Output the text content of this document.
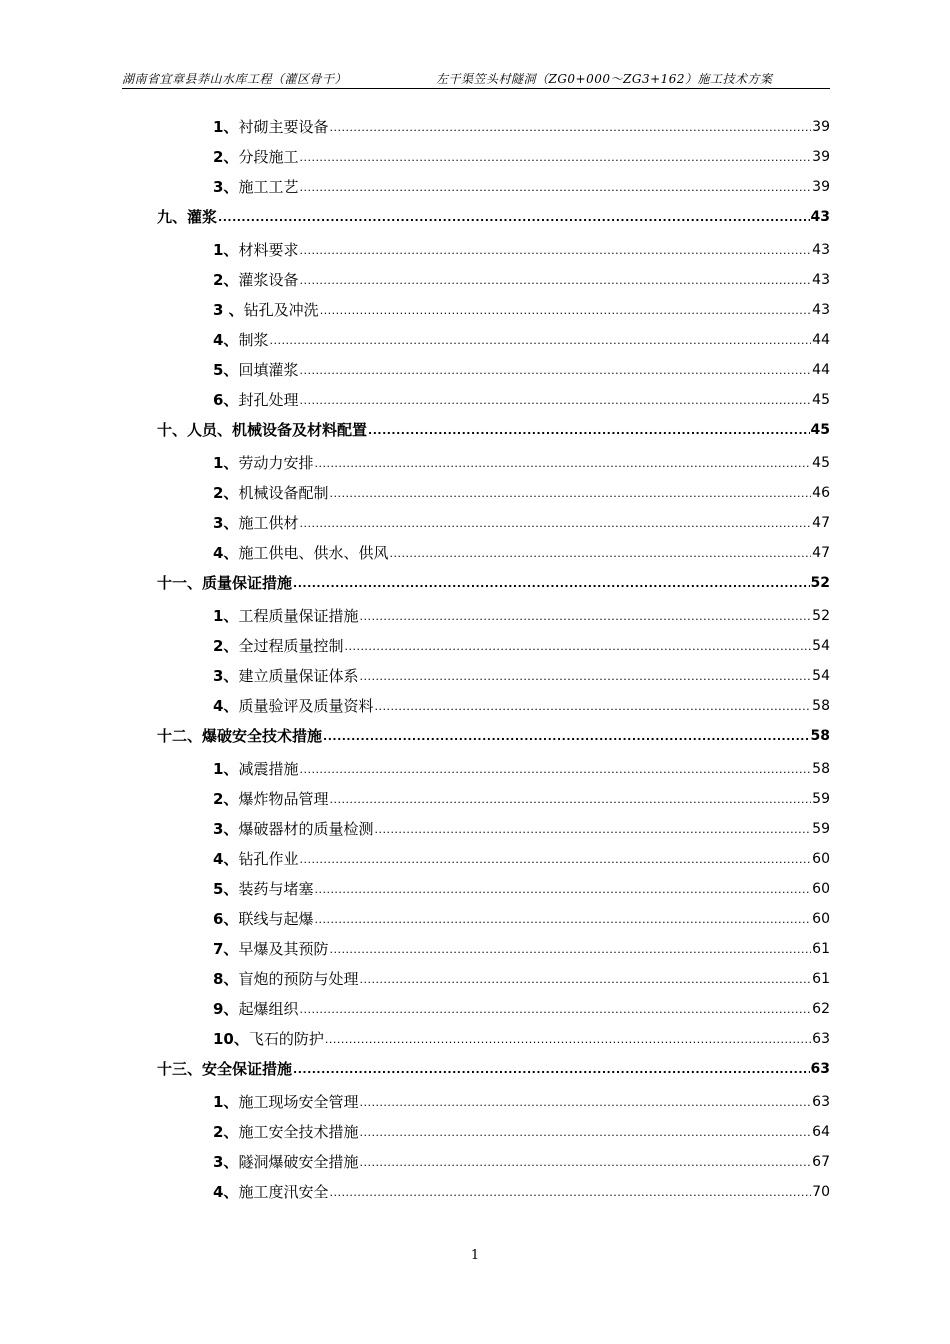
湖南省宜章县莽山水库工程（灌区骨干）	左干渠笠头村隧洞（ZG0+000～ZG3+162）施工技术方案
1、 衬砌主要设备 .....	39
2、 分段施工 .....	39
3、 施工工艺 .....	39
九、 灌浆 .....	43
1、 材料要求 .....	43
2、 灌浆设备 .....	43
3 、 钻孔及冲洗 .....	43
4、 制浆 .....	44
5、 回填灌浆 .....	44
6、 封孔处理 .....	45
十、 人员、机械设备及材料配置 .....	45
1、 劳动力安排 .....	45
2、 机械设备配制 .....	46
3、 施工供材 .....	47
4、 施工供电、供水、供风 .....	47
十一、 质量保证措施 .....	52
1、 工程质量保证措施 .....	52
2、 全过程质量控制 .....	54
3、 建立质量保证体系 .....	54
4、 质量验评及质量资料 .....	58
十二、 爆破安全技术措施 .....	58
1、 减震措施 .....	58
2、 爆炸物品管理 .....	59
3、 爆破器材的质量检测 .....	59
4、 钻孔作业 .....	60
5、 装药与堵塞 .....	60
6、 联线与起爆 .....	60
7、 早爆及其预防 .....	61
8、 盲炮的预防与处理 .....	61
9、 起爆组织 .....	62
10、 飞石的防护 .....	63
十三、 安全保证措施 .....	63
1、 施工现场安全管理 .....	63
2、 施工安全技术措施 .....	64
3、 隧洞爆破安全措施 .....	67
4、 施工度汛安全 .....	70
1
